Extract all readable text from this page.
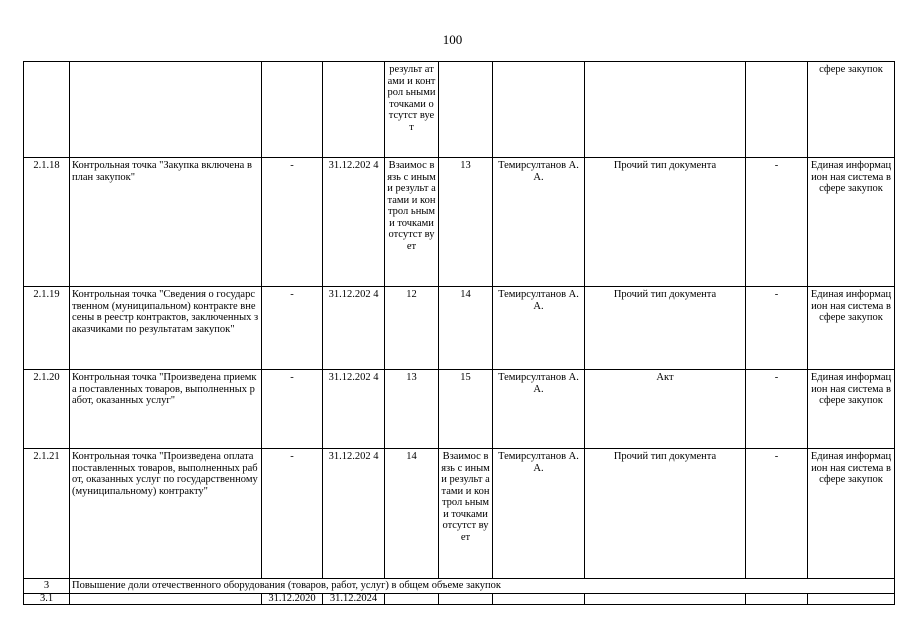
100
				результ атами и контрол ьными точками отсутст вует					сфере закупок
2.1.18	Контрольная точка "Закупка включена в план закупок"	-	31.12.202 4	Взаимос вязь с иными результ атами и контрол ьными точками отсутст вует	13	Темирсултанов А.А.	Прочий тип документа	-	Единая информацион ная система в сфере закупок
2.1.19	Контрольная точка "Сведения о государственном (муниципальном) контракте внесены в реестр контрактов, заключенных заказчиками по результатам закупок"	-	31.12.202 4	12	14	Темирсултанов А.А.	Прочий тип документа	-	Единая информацион ная система в сфере закупок
2.1.20	Контрольная точка "Произведена приемка поставленных товаров, выполненных работ, оказанных услуг"	-	31.12.202 4	13	15	Темирсултанов А.А.	Акт	-	Единая информацион ная система в сфере закупок
2.1.21	Контрольная точка "Произведена оплата поставленных товаров, выполненных работ, оказанных услуг по государственному (муниципальному) контракту"	-	31.12.202 4	14	Взаимос вязь с иными результ атами и контрол ьными точками отсутст вует	Темирсултанов А.А.	Прочий тип документа	-	Единая информацион ная система в сфере закупок
3	Повышение доли отечественного оборудования (товаров, работ, услуг) в общем объеме закупок								
3.1		31.12.2020	31.12.2024						
